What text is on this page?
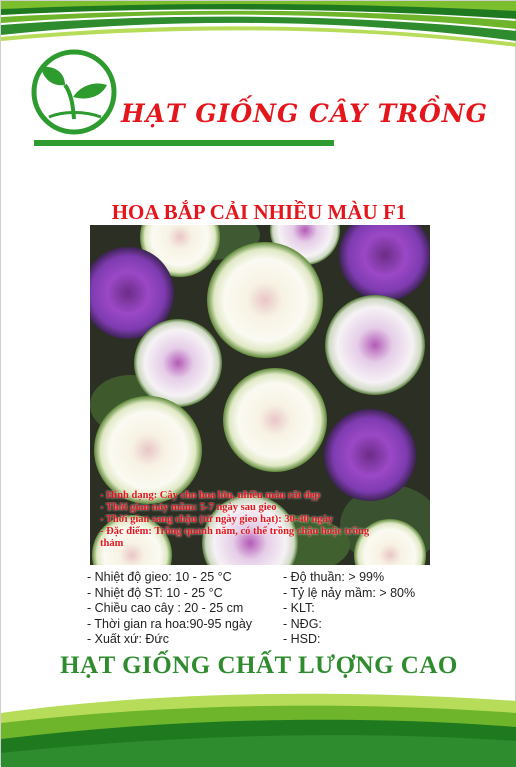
HẠT GIỐNG CÂY TRỒNG
HOA BẮP CẢI NHIỀU MÀU F1
- Hình dạng: Cây cho hoa lớn, nhiều màu rất đẹp
- Thời gian nảy mầm: 5-7 ngày sau gieo
- Thời gian sang chậu (từ ngày gieo hạt): 30-40 ngày
- Đặc điểm: Trồng quanh năm, có thể trồng chậu hoặc trồng
thảm
- Nhiệt độ gieo: 10 - 25 °C	- Độ thuần: > 99%
- Nhiệt độ ST: 10 - 25 °C	- Tỷ lệ nảy mầm: > 80%
- Chiều cao cây : 20 - 25 cm	- KLT:
- Thời gian ra hoa:90-95 ngày	- NĐG:
- Xuất xứ: Đức	- HSD:
HẠT GIỐNG CHẤT LƯỢNG CAO
